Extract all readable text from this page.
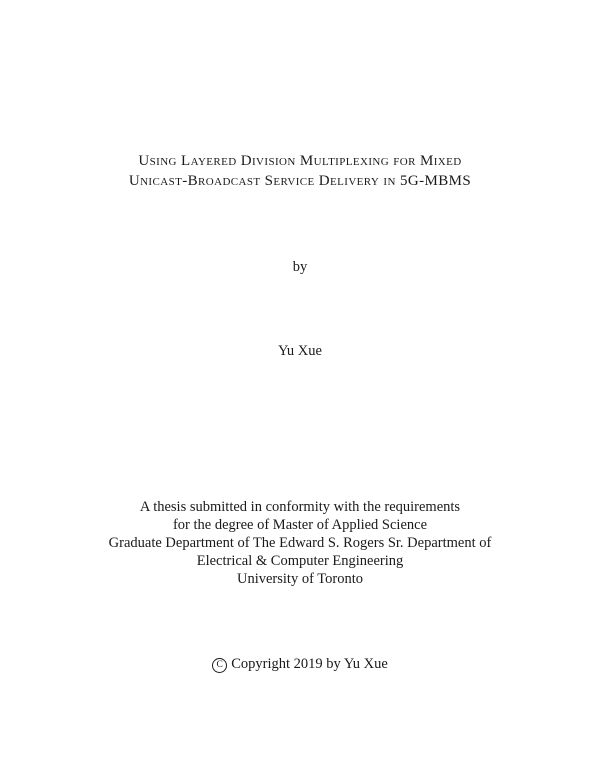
Using Layered Division Multiplexing for Mixed
Unicast-Broadcast Service Delivery in 5G-MBMS
by
Yu Xue
A thesis submitted in conformity with the requirements
for the degree of Master of Applied Science
Graduate Department of The Edward S. Rogers Sr. Department of
Electrical & Computer Engineering
University of Toronto
C Copyright 2019 by Yu Xue
